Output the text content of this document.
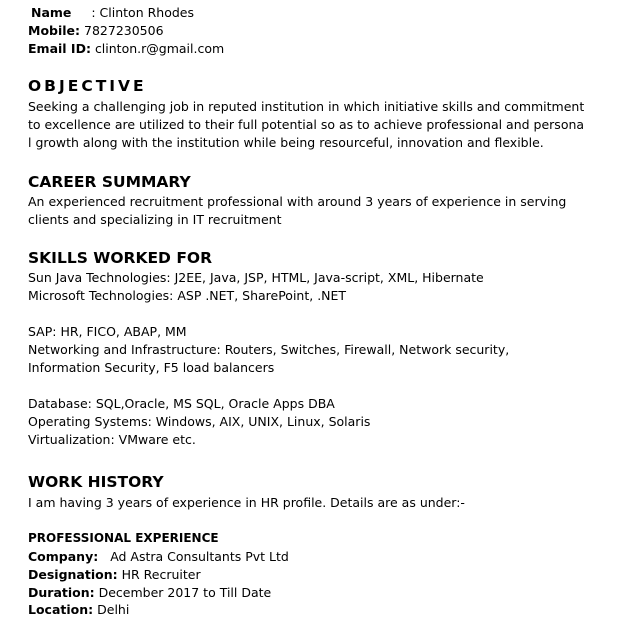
Name : Clinton Rhodes
Mobile: 7827230506
Email ID: clinton.r@gmail.com
OBJECTIVE
Seeking a challenging job in reputed institution in which initiative skills and commitment
to excellence are utilized to their full potential so as to achieve professional and persona
l growth along with the institution while being resourceful, innovation and flexible.
CAREER SUMMARY
An experienced recruitment professional with around 3 years of experience in serving
clients and specializing in IT recruitment
SKILLS WORKED FOR
Sun Java Technologies: J2EE, Java, JSP, HTML, Java-script, XML, Hibernate
Microsoft Technologies: ASP .NET, SharePoint, .NET
SAP: HR, FICO, ABAP, MM
Networking and Infrastructure: Routers, Switches, Firewall, Network security,
Information Security, F5 load balancers
Database: SQL,Oracle, MS SQL, Oracle Apps DBA
Operating Systems: Windows, AIX, UNIX, Linux, Solaris
Virtualization: VMware etc.
WORK HISTORY
I am having 3 years of experience in HR profile. Details are as under:-
PROFESSIONAL EXPERIENCE
Company: Ad Astra Consultants Pvt Ltd
Designation: HR Recruiter
Duration: December 2017 to Till Date
Location: Delhi
